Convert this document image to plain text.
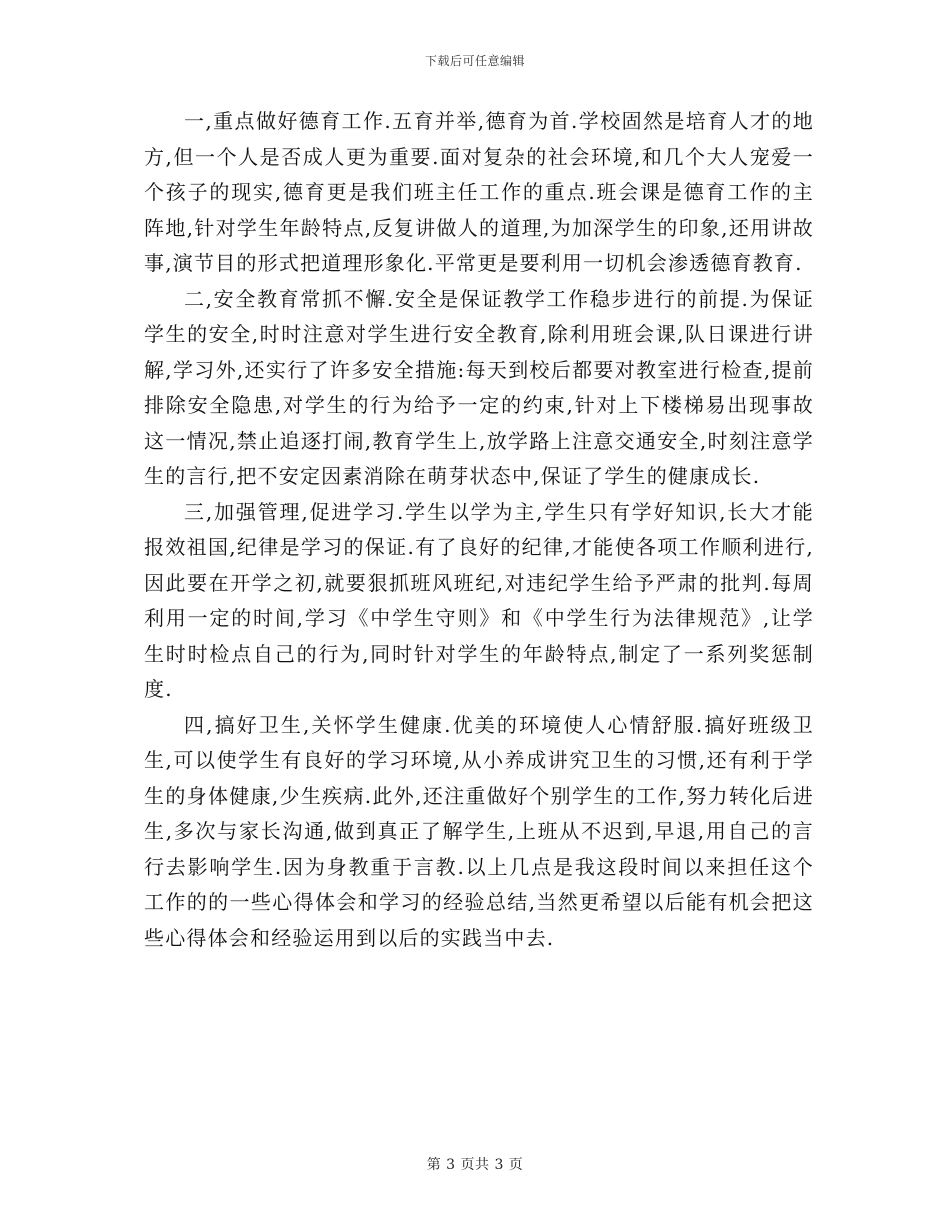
下载后可任意编辑

一,重点做好德育工作.五育并举,德育为首.学校固然是培育人才的地方,但一个人是否成人更为重要.面对复杂的社会环境,和几个大人宠爱一个孩子的现实,德育更是我们班主任工作的重点.班会课是德育工作的主阵地,针对学生年龄特点,反复讲做人的道理,为加深学生的印象,还用讲故事,演节目的形式把道理形象化.平常更是要利用一切机会渗透德育教育.

二,安全教育常抓不懈.安全是保证教学工作稳步进行的前提.为保证学生的安全,时时注意对学生进行安全教育,除利用班会课,队日课进行讲解,学习外,还实行了许多安全措施:每天到校后都要对教室进行检查,提前排除安全隐患,对学生的行为给予一定的约束,针对上下楼梯易出现事故这一情况,禁止追逐打闹,教育学生上,放学路上注意交通安全,时刻注意学生的言行,把不安定因素消除在萌芽状态中,保证了学生的健康成长.

三,加强管理,促进学习.学生以学为主,学生只有学好知识,长大才能报效祖国,纪律是学习的保证.有了良好的纪律,才能使各项工作顺利进行,因此要在开学之初,就要狠抓班风班纪,对违纪学生给予严肃的批判.每周利用一定的时间,学习《中学生守则》和《中学生行为法律规范》,让学生时时检点自己的行为,同时针对学生的年龄特点,制定了一系列奖惩制度.

四,搞好卫生,关怀学生健康.优美的环境使人心情舒服.搞好班级卫生,可以使学生有良好的学习环境,从小养成讲究卫生的习惯,还有利于学生的身体健康,少生疾病.此外,还注重做好个别学生的工作,努力转化后进生,多次与家长沟通,做到真正了解学生,上班从不迟到,早退,用自己的言行去影响学生.因为身教重于言教.以上几点是我这段时间以来担任这个工作的的一些心得体会和学习的经验总结,当然更希望以后能有机会把这些心得体会和经验运用到以后的实践当中去.

第 3 页共 3 页
